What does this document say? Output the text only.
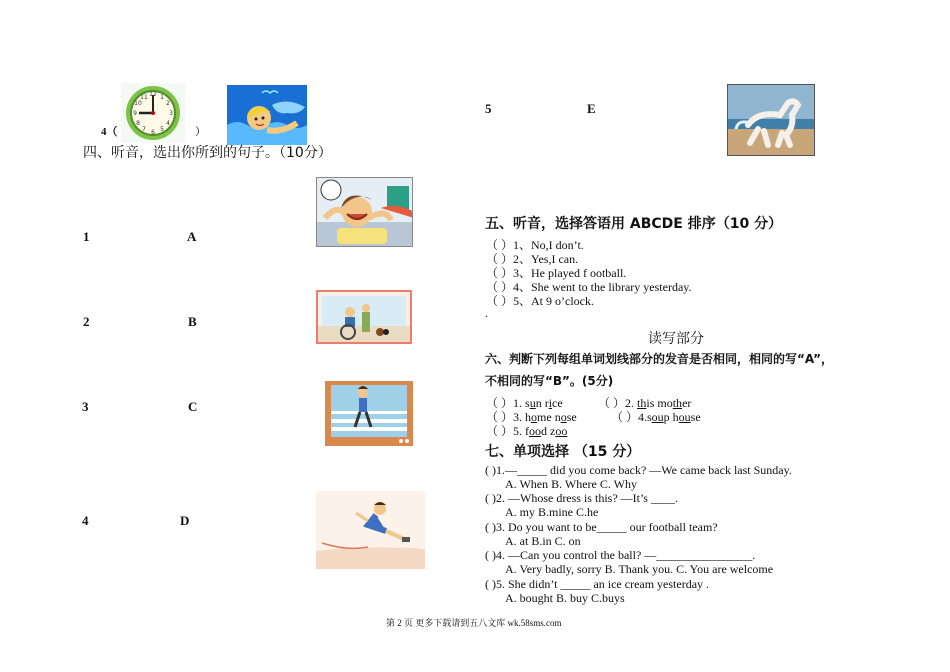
12
3
6
9
1
2
4
5
7
8
10
11
4（	）
四、听音，选出你所到的句子。（10分）
1	A
2	B
3	C
4	D
5	E
五、听音，选择答语用 ABCDE 排序（10 分）
（ ）1、No,I don’t.
（ ）2、Yes,I can.
（ ）3、He played f ootball.
（ ）4、She went to the library yesterday.
（ ）5、At 9 o’clock.
.
读写部分
六、判断下列每组单词划线部分的发音是否相同，相同的写“A”，
不相同的写“B”。(5分)
（ ）1. sun rice	（ ）2. this mother
（ ）3. home nose	（ ）4.soup house
（ ）5. food zoo
七、单项选择 （15 分）
( )1.—_____ did you come back? —We came back last Sunday.
A. When B. Where C. Why
( )2. —Whose dress is this? —It’s ____.
A. my B.mine C.he
( )3. Do you want to be_____ our football team?
A. at B.in C. on
( )4. —Can you control the ball? —________________.
A. Very badly, sorry B. Thank you. C. You are welcome
( )5. She didn’t _____ an ice cream yesterday .
A. bought B. buy C.buys
第 2 页 更多下载请到五八文库 wk.58sms.com
